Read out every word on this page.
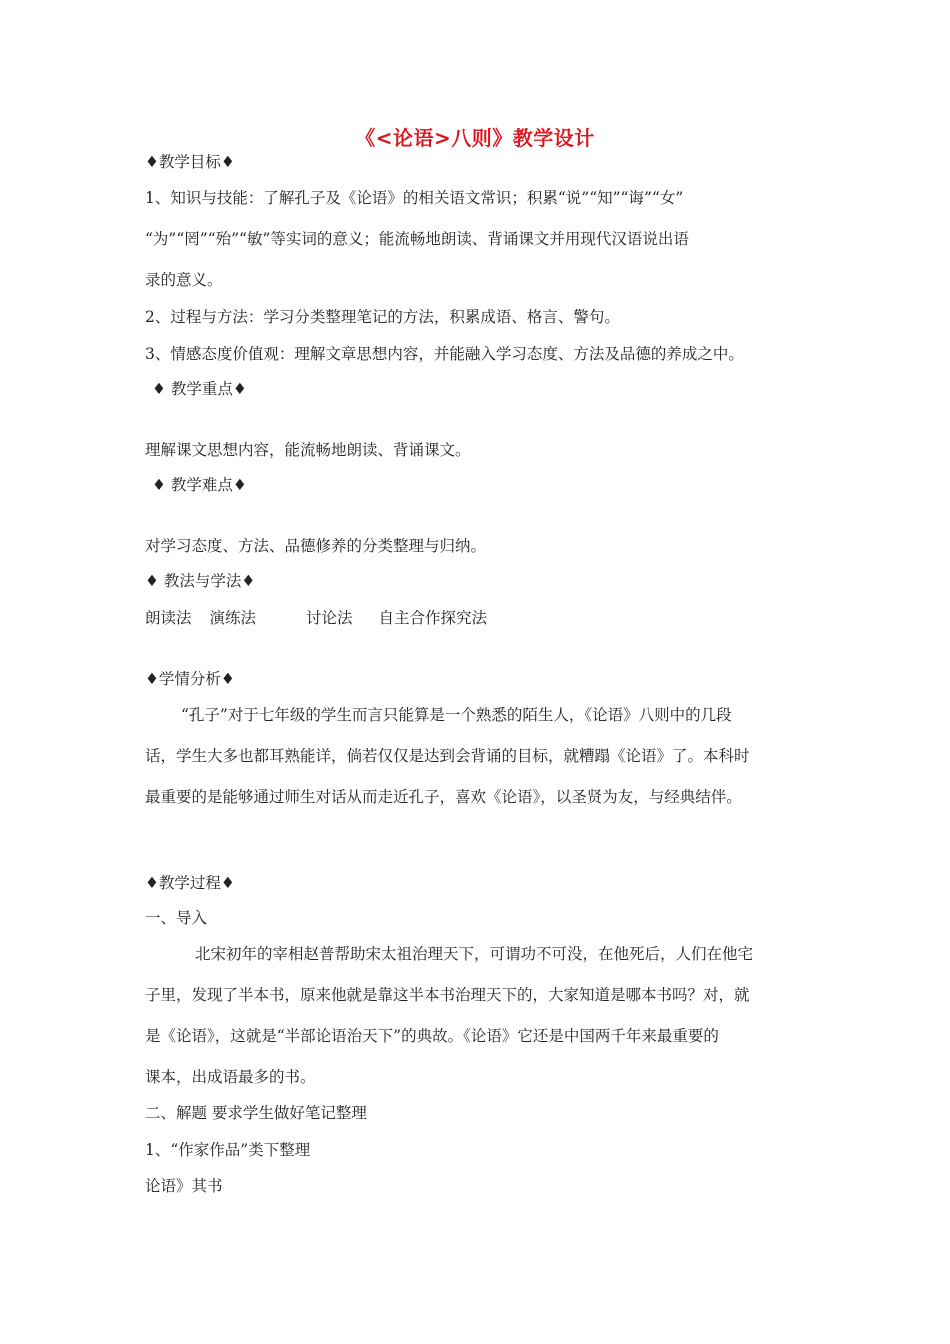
《<论语>八则》教学设计
♦教学目标♦
1、知识与技能：了解孔子及《论语》的相关语文常识；积累“说”“知”“诲”“女”
“为”“罔”“殆”“敏”等实词的意义；能流畅地朗读、背诵课文并用现代汉语说出语
录的意义。
2、过程与方法：学习分类整理笔记的方法，积累成语、格言、警句。
3、情感态度价值观：理解文章思想内容，并能融入学习态度、方法及品德的养成之中。
♦ 教学重点♦
理解课文思想内容，能流畅地朗读、背诵课文。
♦ 教学难点♦
对学习态度、方法、品德修养的分类整理与归纳。
♦ 教法与学法♦
朗读法 演练法	讨论法 自主合作探究法
♦学情分析♦
“孔子”对于七年级的学生而言只能算是一个熟悉的陌生人，《论语》八则中的几段
话，学生大多也都耳熟能详，倘若仅仅是达到会背诵的目标，就糟蹋《论语》了。本科时
最重要的是能够通过师生对话从而走近孔子，喜欢《论语》，以圣贤为友，与经典结伴。
♦教学过程♦
一、导入
北宋初年的宰相赵普帮助宋太祖治理天下，可谓功不可没，在他死后，人们在他宅
子里，发现了半本书，原来他就是靠这半本书治理天下的，大家知道是哪本书吗？对，就
是《论语》，这就是“半部论语治天下”的典故。《论语》它还是中国两千年来最重要的
课本，出成语最多的书。
二、解题 要求学生做好笔记整理
1、“作家作品”类下整理
论语》其书
